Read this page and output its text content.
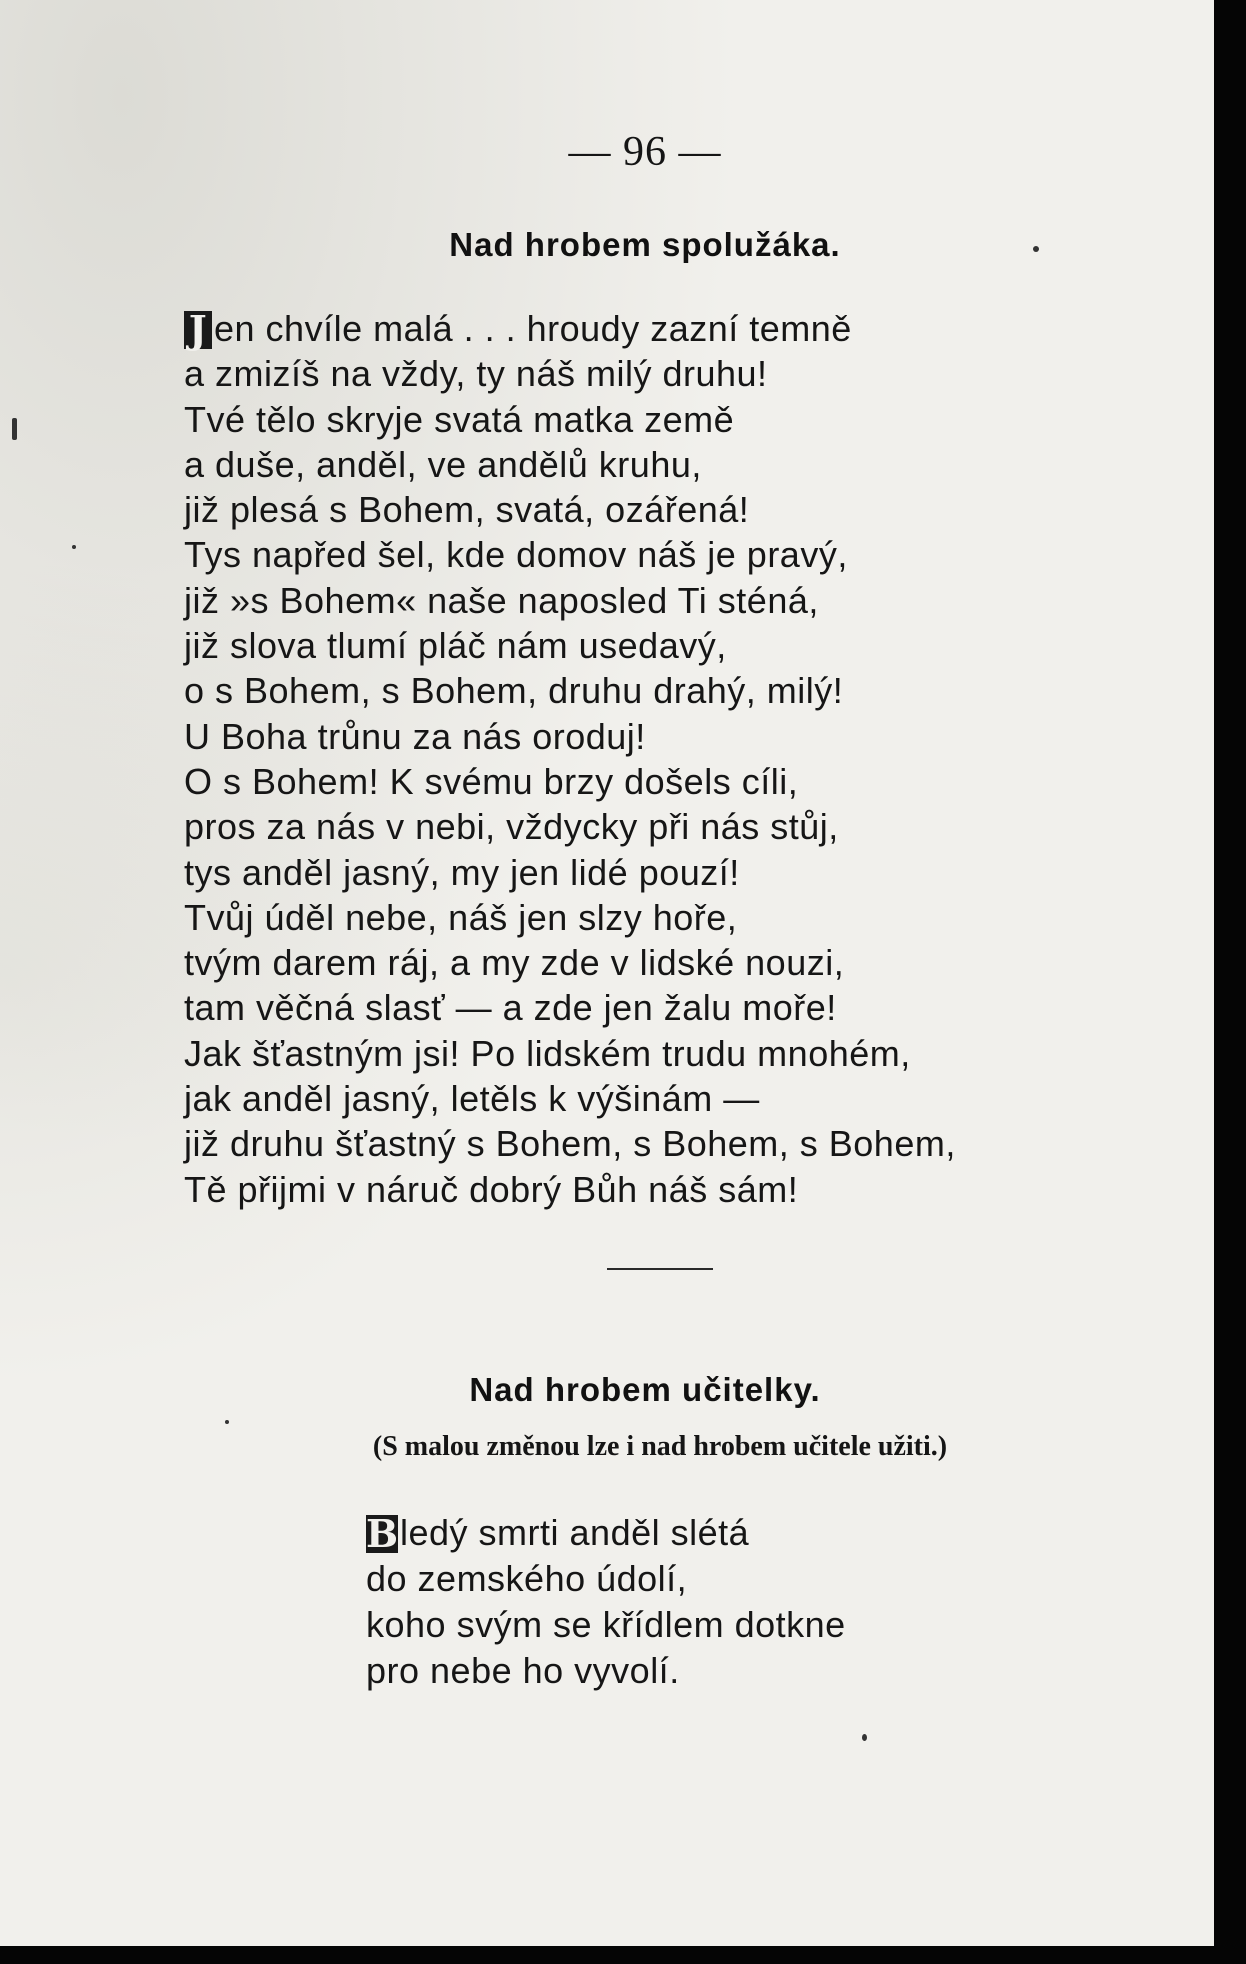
— 96 —
Nad hrobem spolužáka.
J en chvíle malá . . . hroudy zazní temně
a zmizíš na vždy, ty náš milý druhu!
Tvé tělo skryje svatá matka země
a duše, anděl, ve andělů kruhu,
již plesá s Bohem, svatá, ozářená!
Tys napřed šel, kde domov náš je pravý,
již »s Bohem« naše naposled Ti sténá,
již slova tlumí pláč nám usedavý,
o s Bohem, s Bohem, druhu drahý, milý!
U Boha trůnu za nás oroduj!
O s Bohem! K svému brzy došels cíli,
pros za nás v nebi, vždycky při nás stůj,
tys anděl jasný, my jen lidé pouzí!
Tvůj úděl nebe, náš jen slzy hoře,
tvým darem ráj, a my zde v lidské nouzi,
tam věčná slasť — a zde jen žalu moře!
Jak šťastným jsi! Po lidském trudu mnohém,
jak anděl jasný, letěls k výšinám —
již druhu šťastný s Bohem, s Bohem, s Bohem,
Tě přijmi v náruč dobrý Bůh náš sám!
Nad hrobem učitelky.
(S malou změnou lze i nad hrobem učitele užiti.)
Bledý smrti anděl slétá
do zemského údolí,
koho svým se křídlem dotkne
pro nebe ho vyvolí.
